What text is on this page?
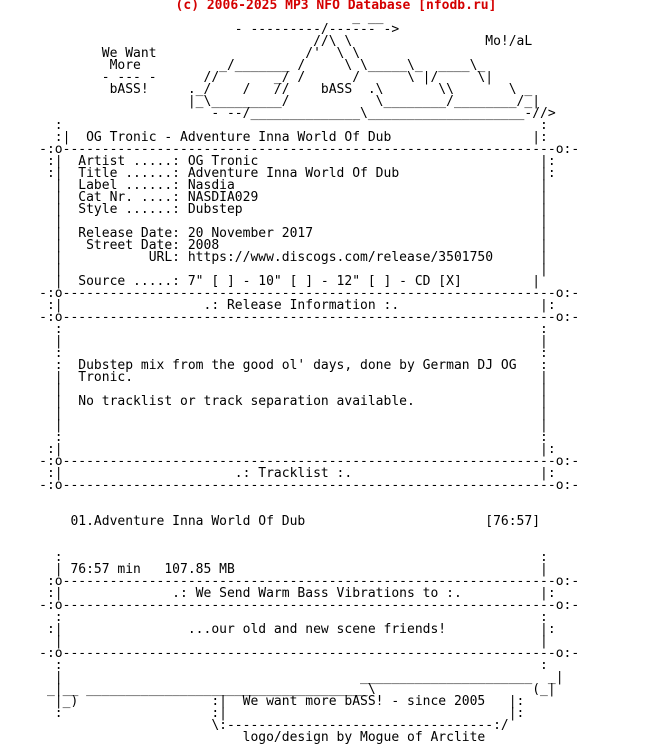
(c) 2006-2025 MP3 NFO Database [nfodb.ru]
_ __
- ---------/------ ->
//\ \                 Mo!/aL
We Want                   /'  \ \
More          _/_______ /     \ \_____\_  ____\_
- --- -      //       _/ /      /      \ |/     \|
bASS!     ._/    /   //    bASS  .\       \\       \ _
|_\_________/           \________/________/_|
- --/______________\____________________-//>
:                                                             :
:|  OG Tronic - Adventure Inna World Of Dub                  |:
-:o---------------------------------------------------------------o:-
:|  Artist .....: OG Tronic                                    |:
:|  Title ......: Adventure Inna World Of Dub                  |:
|  Label ......: Nasdia                                       |
|  Cat Nr. ....: NASDIA029                                    |
|  Style ......: Dubstep                                      |
|                                                             |
|  Release Date: 20 November 2017                             |
|   Street Date: 2008                                         |
|           URL: https://www.discogs.com/release/3501750      |
|                                                             |
|  Source .....: 7" [ ] - 10" [ ] - 12" [ ] - CD [X]         |
-:o---------------------------------------------------------------o:-
:|                  .: Release Information :.                  |:
-:o---------------------------------------------------------------o:-
:                                                             :
|                                                             |
:                                                             :
:  Dubstep mix from the good ol' days, done by German DJ OG   :
|  Tronic.                                                    |
|                                                             |
|  No tracklist or track separation available.                |
|                                                             |
|                                                             |
:                                                             :
:|                                                             |:
-:o---------------------------------------------------------------o:-
:|                      .: Tracklist :.                        |:
-:o---------------------------------------------------------------o:-

01.Adventure Inna World Of Dub                       [76:57]

:                                                             :
| 76:57 min   107.85 MB                                       |
:o---------------------------------------------------------------o:-
:|              .: We Send Warm Bass Vibrations to :.          |:
-:o---------------------------------------------------------------o:-
:                                                             :
:|                ...our old and new scene friends!            |:
|                                                             |
-:o---------------------------------------------------------------o:-
:                                                             :
|                                      ______________________  _|
_|__ ____________________________________\                    (_|
|_)                 :|  We want more bASS! - since 2005   |:
:                   :|                                    |:
\:----------------------------------:/
logo/design by Mogue of Arclite
